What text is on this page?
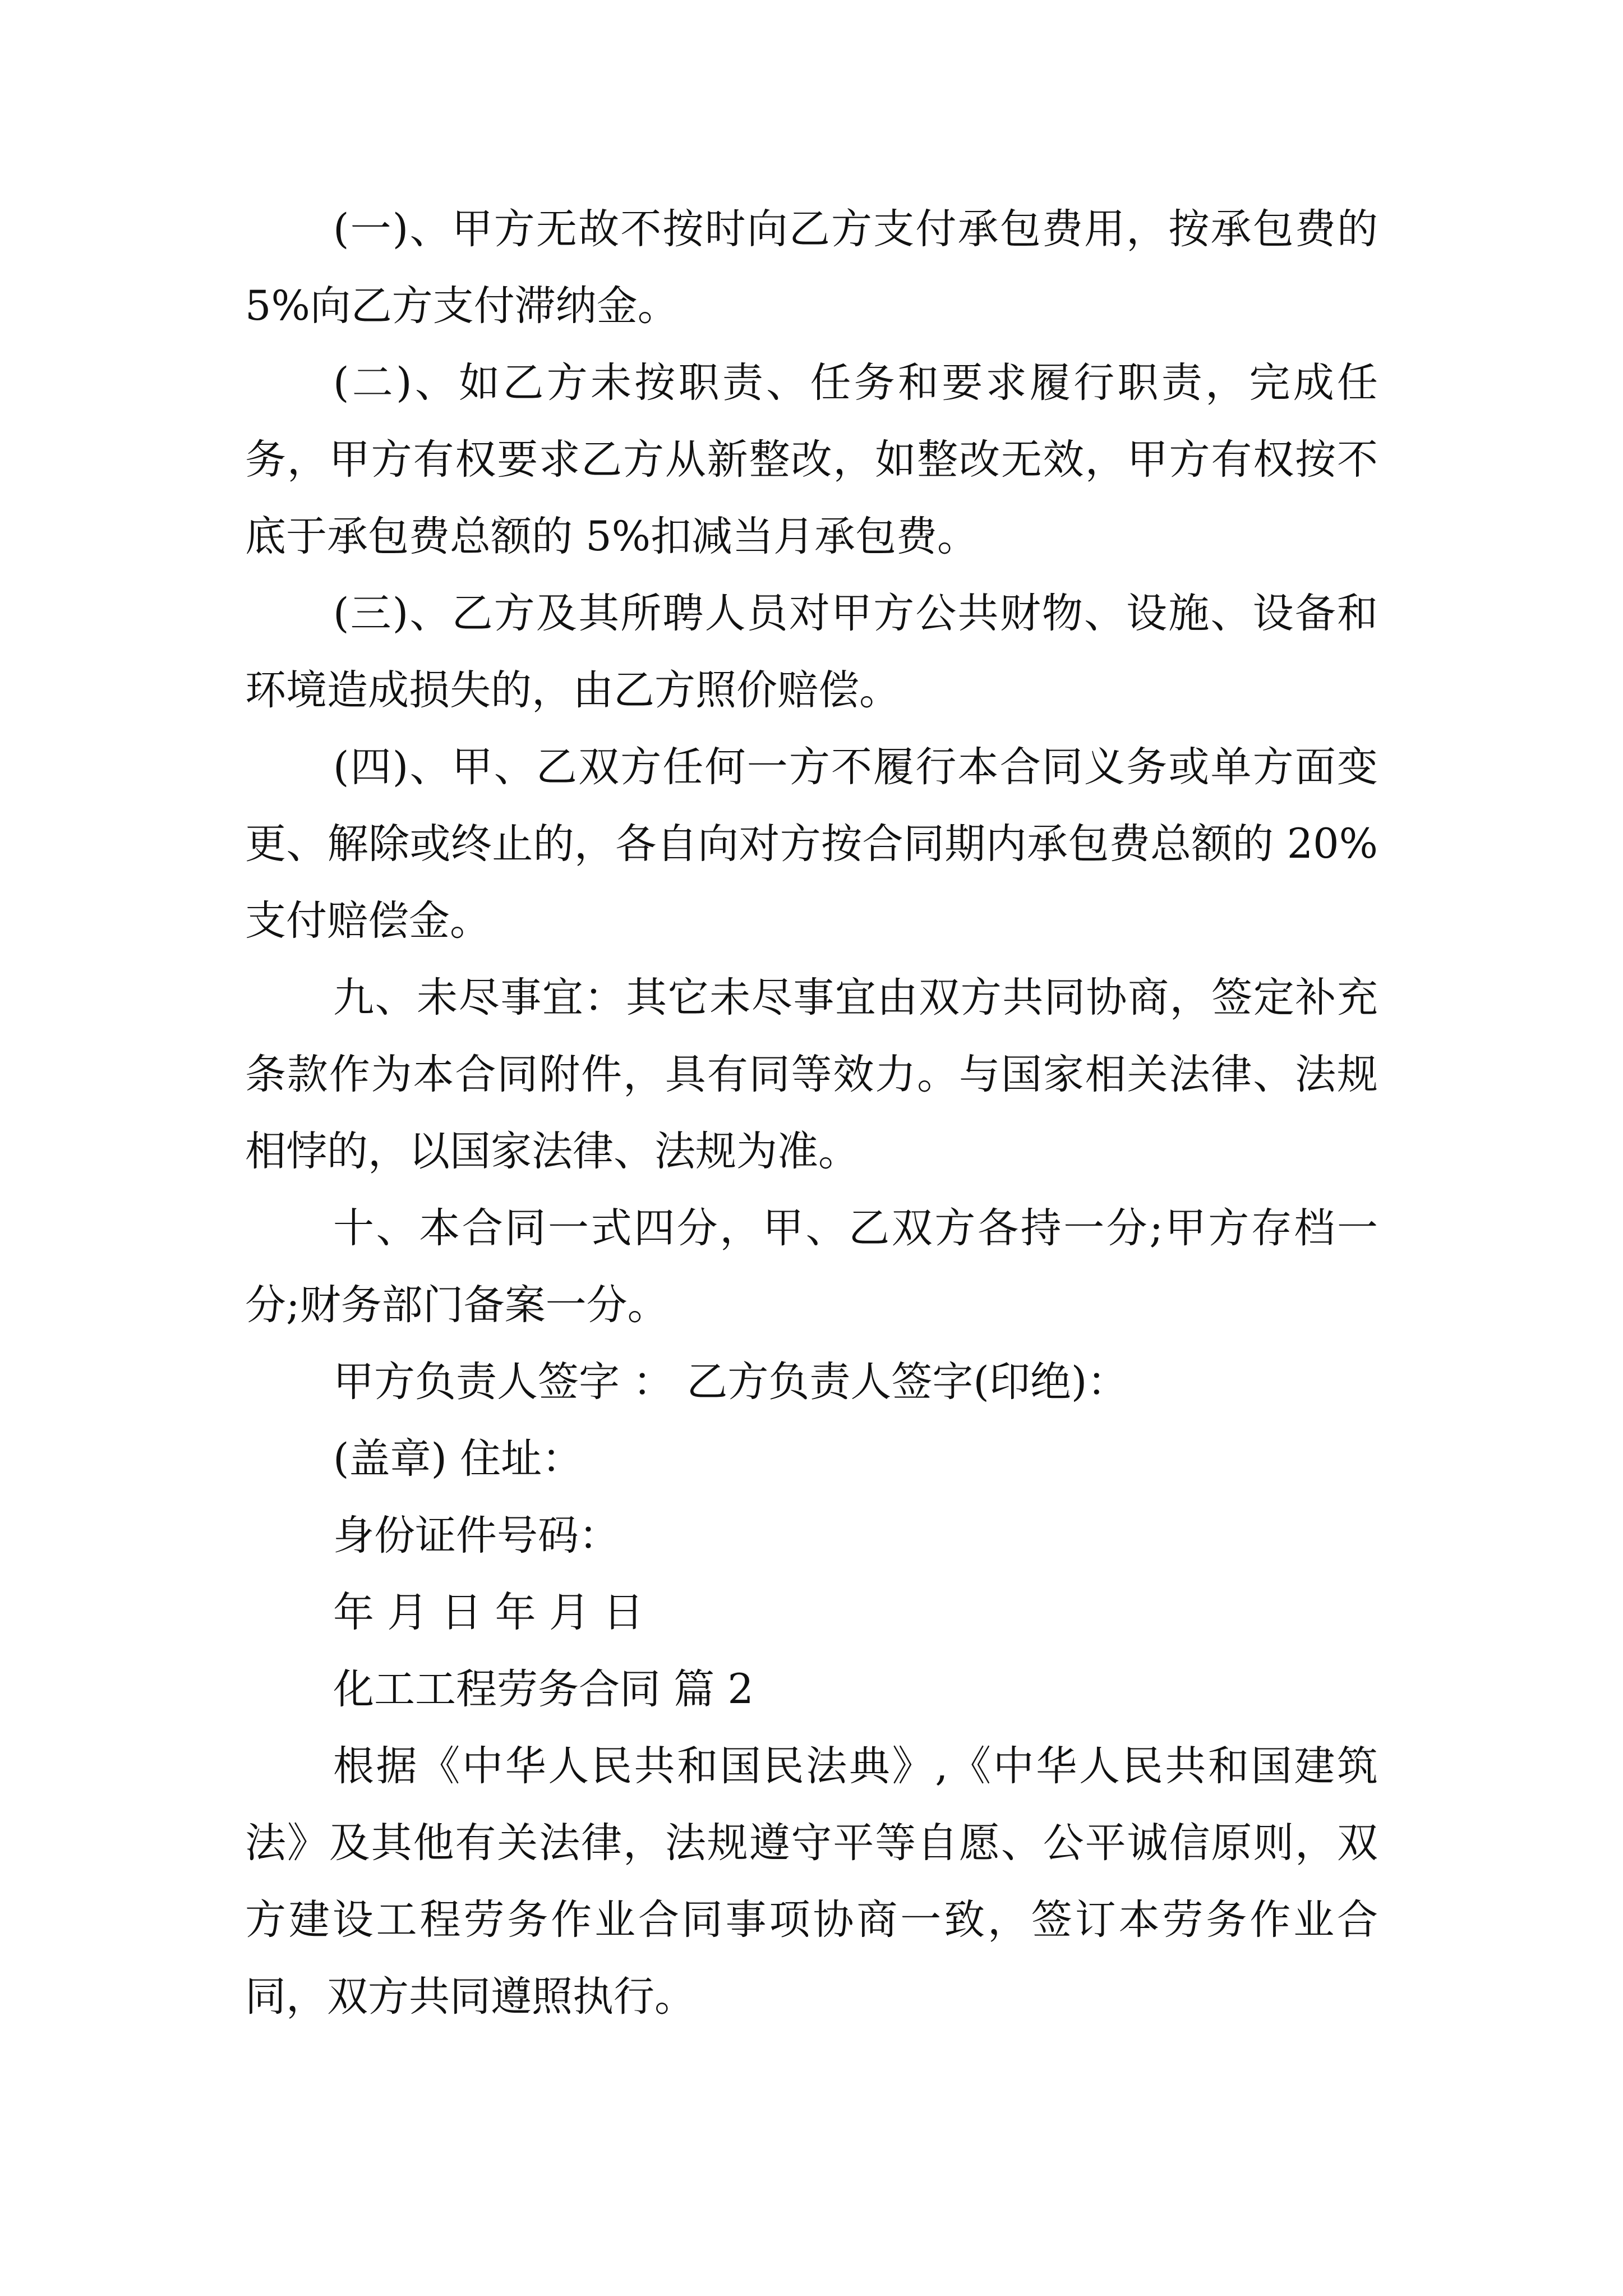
(一)、甲方无故不按时向乙方支付承包费用，按承包费的 5%向乙方支付滞纳金。

(二)、如乙方未按职责、任务和要求履行职责，完成任务，甲方有权要求乙方从新整改，如整改无效，甲方有权按不底于承包费总额的 5%扣减当月承包费。

(三)、乙方及其所聘人员对甲方公共财物、设施、设备和环境造成损失的，由乙方照价赔偿。

(四)、甲、乙双方任何一方不履行本合同义务或单方面变更、解除或终止的，各自向对方按合同期内承包费总额的 20%支付赔偿金。

九、未尽事宜：其它未尽事宜由双方共同协商，签定补充条款作为本合同附件，具有同等效力。与国家相关法律、法规相悖的，以国家法律、法规为准。

十、本合同一式四分，甲、乙双方各持一分;甲方存档一分;财务部门备案一分。

甲方负责人签字 ： 乙方负责人签字(印绝)：

(盖章) 住址：

身份证件号码：

年 月 日 年 月 日

化工工程劳务合同 篇 2

根据《中华人民共和国民法典》,《中华人民共和国建筑法》及其他有关法律，法规遵守平等自愿、公平诚信原则，双方建设工程劳务作业合同事项协商一致，签订本劳务作业合同，双方共同遵照执行。
